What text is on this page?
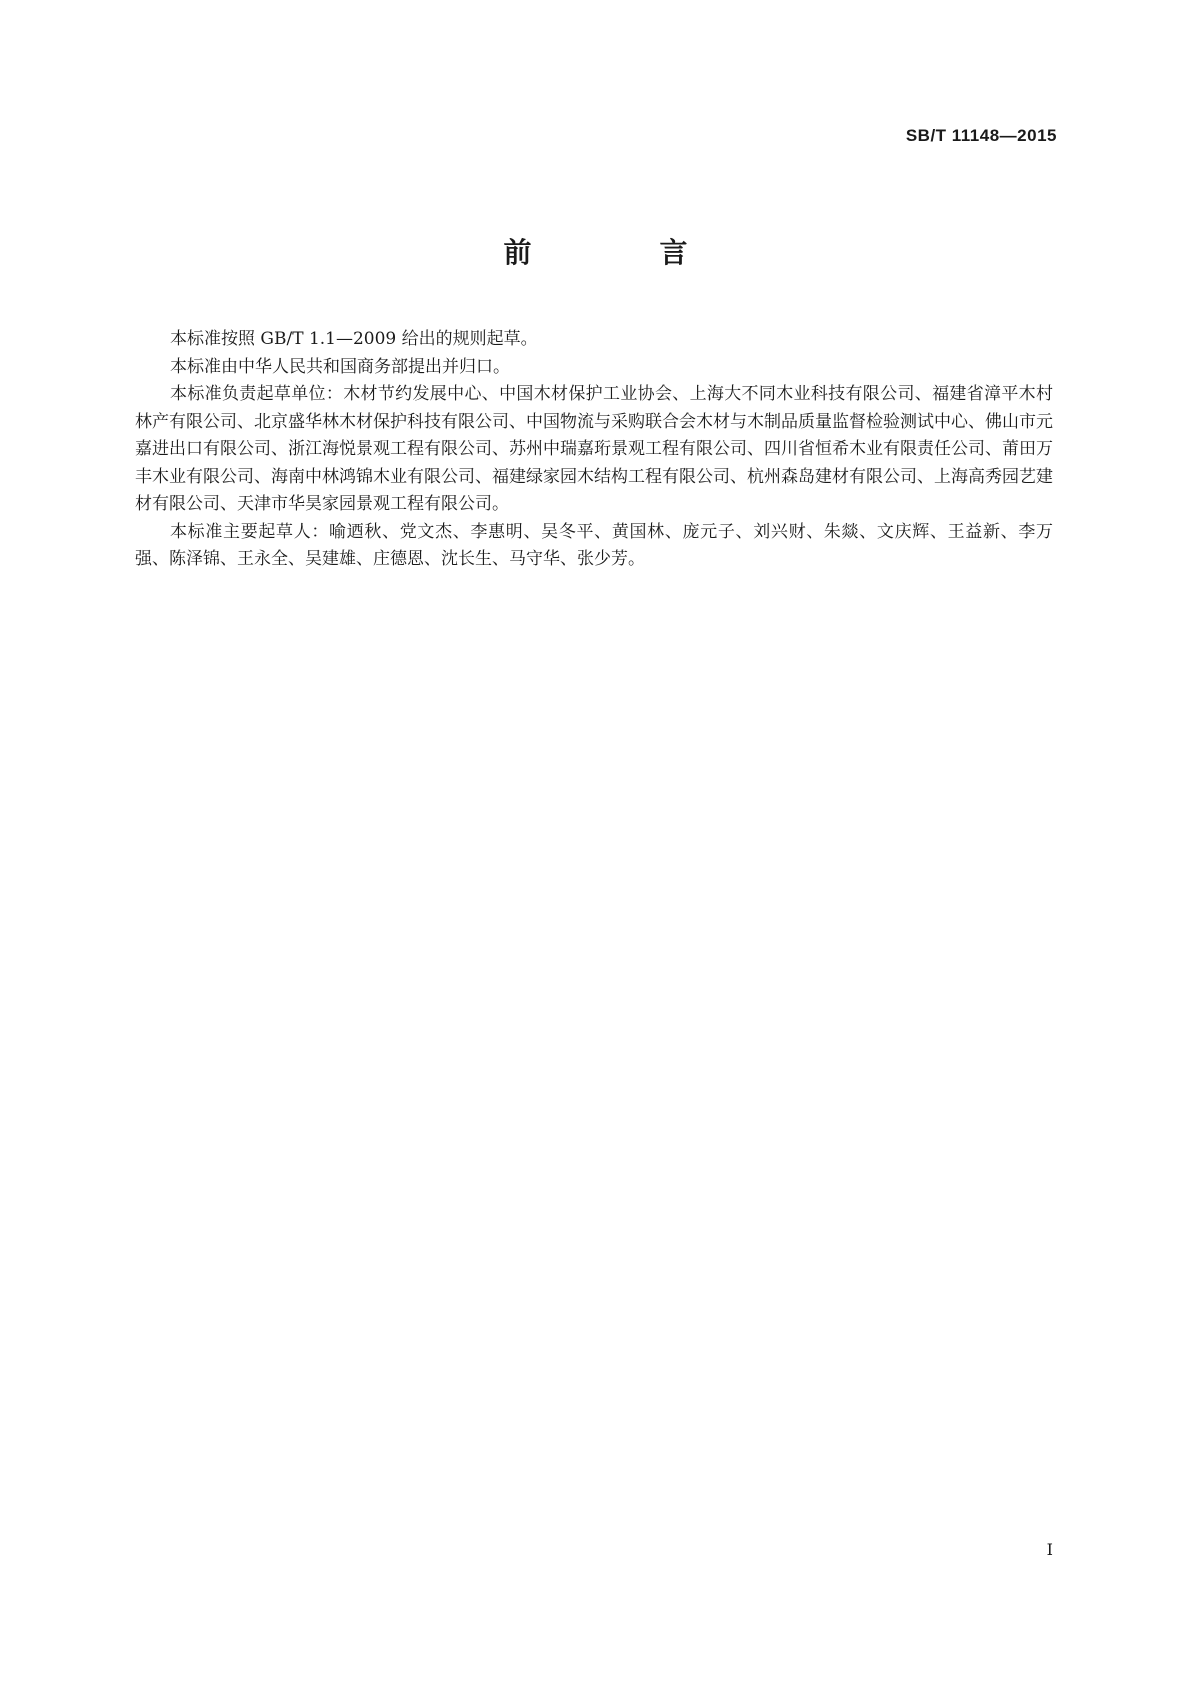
SB/T 11148—2015
前　言

本标准按照 GB/T 1.1—2009 给出的规则起草。

本标准由中华人民共和国商务部提出并归口。

本标准负责起草单位：木材节约发展中心、中国木材保护工业协会、上海大不同木业科技有限公司、福建省漳平木村林产有限公司、北京盛华林木材保护科技有限公司、中国物流与采购联合会木材与木制品质量监督检验测试中心、佛山市元嘉进出口有限公司、浙江海悦景观工程有限公司、苏州中瑞嘉珩景观工程有限公司、四川省恒希木业有限责任公司、莆田万丰木业有限公司、海南中林鸿锦木业有限公司、福建绿家园木结构工程有限公司、杭州森岛建材有限公司、上海高秀园艺建材有限公司、天津市华昊家园景观工程有限公司。

本标准主要起草人：喻迺秋、党文杰、李惠明、吴冬平、黄国林、庞元子、刘兴财、朱燚、文庆辉、王益新、李万强、陈泽锦、王永全、吴建雄、庄德恩、沈长生、马守华、张少芳。

I
